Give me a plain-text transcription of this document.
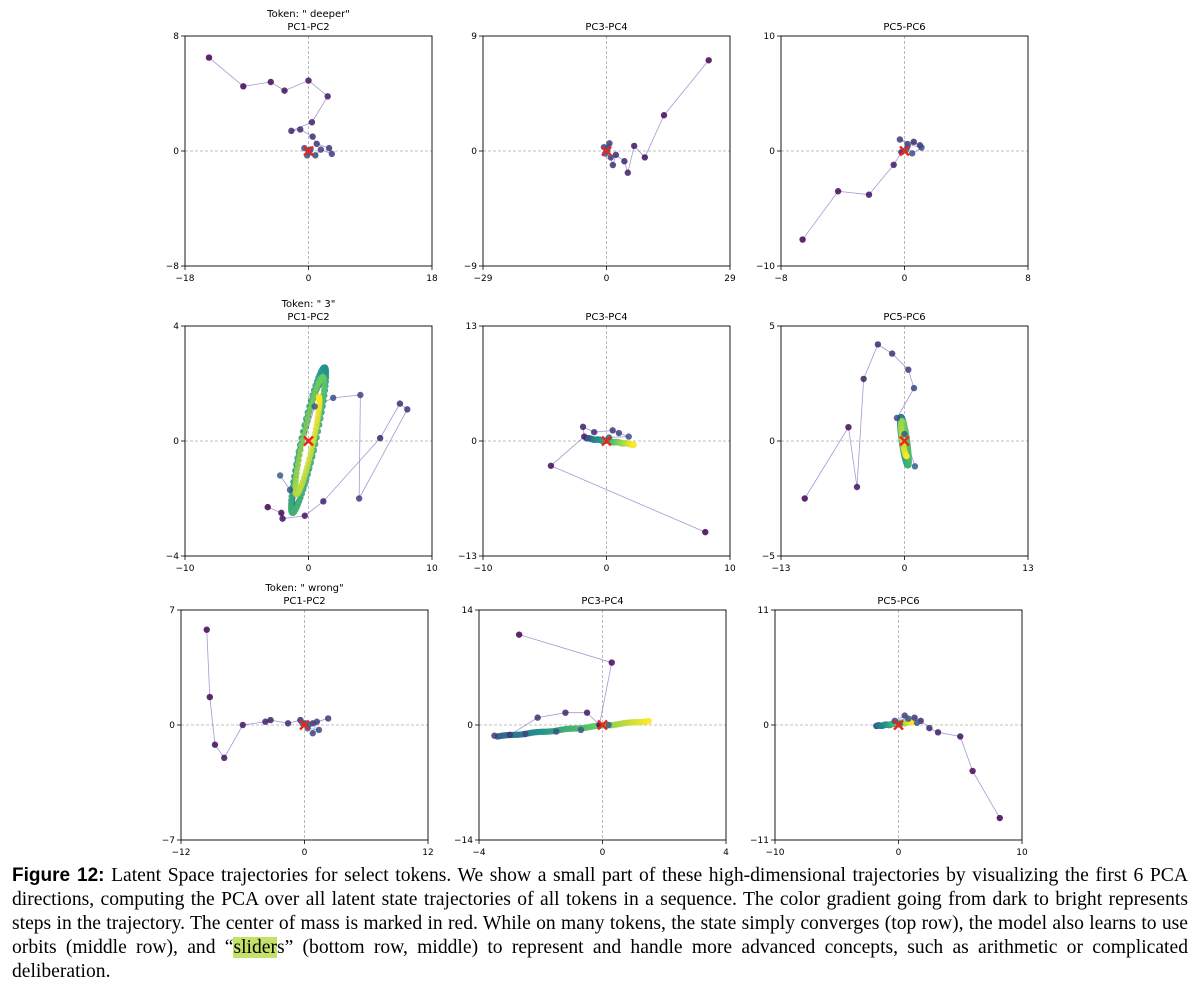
Token: " deeper"
PC1-PC2
−18	0	18
8
0
−8
PC3-PC4
−29	0	29
9
0
−9
PC5-PC6
−8	0	8
10
0
−10
Token: " 3"
PC1-PC2
−10	0	10
4
0
−4
PC3-PC4
−10	0	10
13
0
−13
PC5-PC6
−13	0	13
5
0
−5
Token: " wrong"
PC1-PC2
−12	0	12
7
0
−7
PC3-PC4
−4	0	4
14
0
−14
PC5-PC6
−10	0	10
11
0
−11

Figure 12: Latent Space trajectories for select tokens. We show a small part of these high-dimensional trajectories by visualizing the first 6 PCA directions, computing the PCA over all latent state trajectories of all tokens in a sequence. The color gradient going from dark to bright represents steps in the trajectory. The center of mass is marked in red. While on many tokens, the state simply converges (top row), the model also learns to use orbits (middle row), and “sliders” (bottom row, middle) to represent and handle more advanced concepts, such as arithmetic or complicated deliberation.
